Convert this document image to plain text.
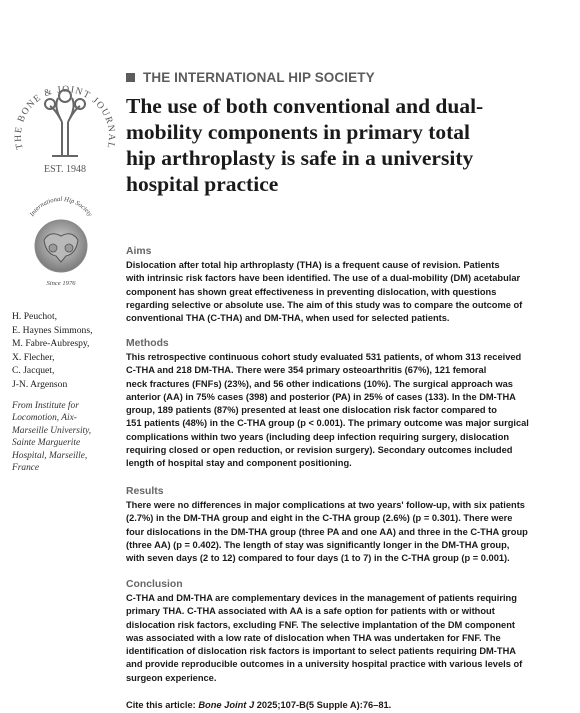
THE BONE & JOINT JOURNAL
EST. 1948
International Hip Society
Since 1976
H. Peuchot,
E. Haynes Simmons,
M. Fabre-Aubrespy,
X. Flecher,
C. Jacquet,
J-N. Argenson
From Institute for
Locomotion, Aix-
Marseille University,
Sainte Marguerite
Hospital, Marseille,
France
THE INTERNATIONAL HIP SOCIETY
The use of both conventional and dual-
mobility components in primary total
hip arthroplasty is safe in a university
hospital practice
Aims
Dislocation after total hip arthroplasty (THA) is a frequent cause of revision. Patients
with intrinsic risk factors have been identified. The use of a dual-mobility (DM) acetabular
component has shown great effectiveness in preventing dislocation, with questions
regarding selective or absolute use. The aim of this study was to compare the outcome of
conventional THA (C-THA) and DM-THA, when used for selected patients.
Methods
This retrospective continuous cohort study evaluated 531 patients, of whom 313 received
C-THA and 218 DM-THA. There were 354 primary osteoarthritis (67%), 121 femoral
neck fractures (FNFs) (23%), and 56 other indications (10%). The surgical approach was
anterior (AA) in 75% cases (398) and posterior (PA) in 25% of cases (133). In the DM-THA
group, 189 patients (87%) presented at least one dislocation risk factor compared to
151 patients (48%) in the C-THA group (p < 0.001). The primary outcome was major surgical
complications within two years (including deep infection requiring surgery, dislocation
requiring closed or open reduction, or revision surgery). Secondary outcomes included
length of hospital stay and component positioning.
Results
There were no differences in major complications at two years' follow-up, with six patients
(2.7%) in the DM-THA group and eight in the C-THA group (2.6%) (p = 0.301). There were
four dislocations in the DM-THA group (three PA and one AA) and three in the C-THA group
(three AA) (p = 0.402). The length of stay was significantly longer in the DM-THA group,
with seven days (2 to 12) compared to four days (1 to 7) in the C-THA group (p = 0.001).
Conclusion
C-THA and DM-THA are complementary devices in the management of patients requiring
primary THA. C-THA associated with AA is a safe option for patients with or without
dislocation risk factors, excluding FNF. The selective implantation of the DM component
was associated with a low rate of dislocation when THA was undertaken for FNF. The
identification of dislocation risk factors is important to select patients requiring DM-THA
and provide reproducible outcomes in a university hospital practice with various levels of
surgeon experience.
Cite this article: Bone Joint J 2025;107-B(5 Supple A):76–81.
